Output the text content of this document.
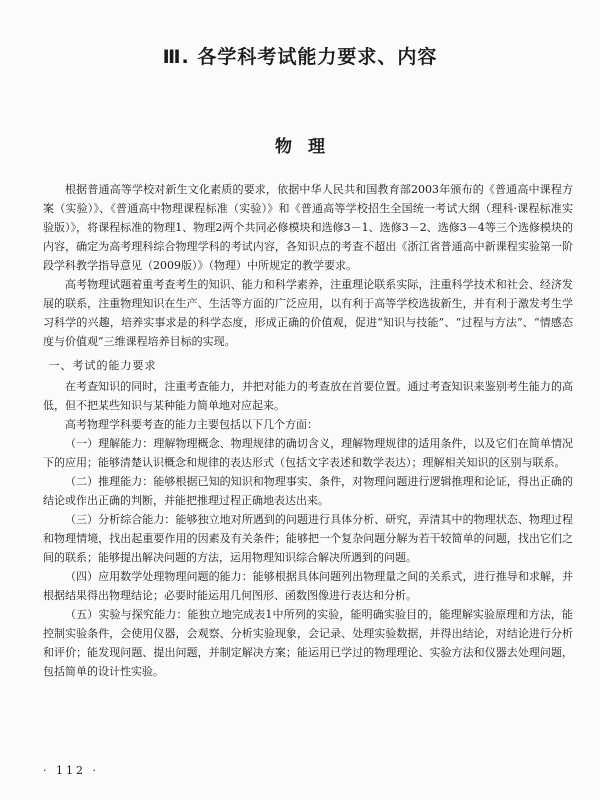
Ⅲ. 各学科考试能力要求、内容
物理

根据普通高等学校对新生文化素质的要求，依据中华人民共和国教育部2003年颁布的《普通高中课程方案（实验）》、《普通高中物理课程标准（实验）》和《普通高等学校招生全国统一考试大纲（理科·课程标准实验版）》，将课程标准的物理1、物理2两个共同必修模块和选修3－1、选修3－2、选修3－4等三个选修模块的内容，确定为高考理科综合物理学科的考试内容，各知识点的考查不超出《浙江省普通高中新课程实验第一阶段学科教学指导意见（2009版）》（物理）中所规定的教学要求。

高考物理试题着重考查考生的知识、能力和科学素养，注重理论联系实际，注重科学技术和社会、经济发展的联系，注重物理知识在生产、生活等方面的广泛应用，以有利于高等学校选拔新生，并有利于激发考生学习科学的兴趣，培养实事求是的科学态度，形成正确的价值观，促进“知识与技能”、“过程与方法”、“情感态度与价值观”三维课程培养目标的实现。

一、考试的能力要求

在考查知识的同时，注重考查能力，并把对能力的考查放在首要位置。通过考查知识来鉴别考生能力的高低，但不把某些知识与某种能力简单地对应起来。

高考物理学科要考查的能力主要包括以下几个方面：

（一）理解能力：理解物理概念、物理规律的确切含义，理解物理规律的适用条件，以及它们在简单情况下的应用；能够清楚认识概念和规律的表达形式（包括文字表述和数学表达）；理解相关知识的区别与联系。

（二）推理能力：能够根据已知的知识和物理事实、条件，对物理问题进行逻辑推理和论证，得出正确的结论或作出正确的判断，并能把推理过程正确地表达出来。

（三）分析综合能力：能够独立地对所遇到的问题进行具体分析、研究，弄清其中的物理状态、物理过程和物理情境，找出起重要作用的因素及有关条件；能够把一个复杂问题分解为若干较简单的问题，找出它们之间的联系；能够提出解决问题的方法，运用物理知识综合解决所遇到的问题。

（四）应用数学处理物理问题的能力：能够根据具体问题列出物理量之间的关系式，进行推导和求解，并根据结果得出物理结论；必要时能运用几何图形、函数图像进行表达和分析。

（五）实验与探究能力：能独立地完成表1中所列的实验，能明确实验目的，能理解实验原理和方法，能控制实验条件，会使用仪器，会观察、分析实验现象，会记录、处理实验数据，并得出结论，对结论进行分析和评价；能发现问题、提出问题，并制定解决方案；能运用已学过的物理理论、实验方法和仪器去处理问题，包括简单的设计性实验。

· 112 ·
